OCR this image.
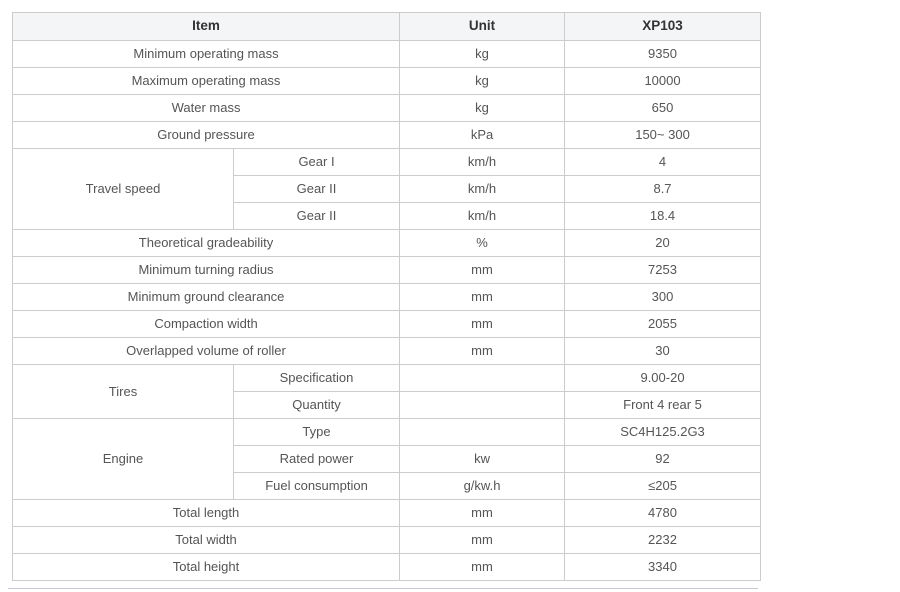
Item		Unit	XP103
Minimum operating mass		kg	9350
Maximum operating mass		kg	10000
Water mass		kg	650
Ground pressure		kPa	150~ 300
Travel speed	Gear I	km/h	4
	Gear II	km/h	8.7
	Gear II	km/h	18.4
Theoretical gradeability		%	20
Minimum turning radius		mm	7253
Minimum ground clearance		mm	300
Compaction width		mm	2055
Overlapped volume of roller		mm	30
Tires	Specification		9.00-20
	Quantity		Front 4 rear 5
Engine	Type		SC4H125.2G3
	Rated power	kw	92
	Fuel consumption	g/kw.h	≤205
Total length		mm	4780
Total width		mm	2232
Total height		mm	3340
